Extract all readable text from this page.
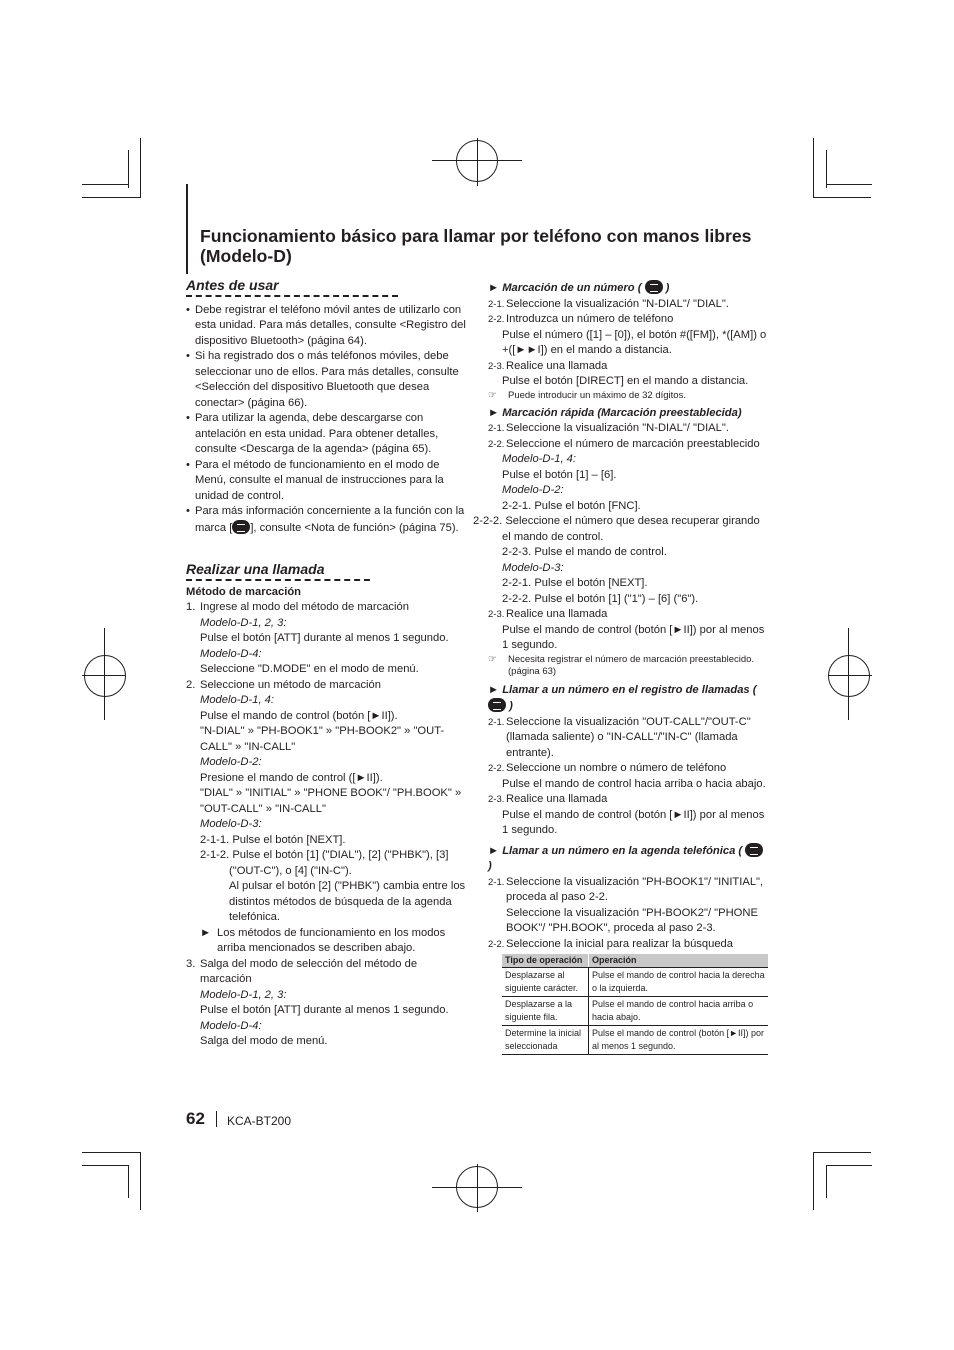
Funcionamiento básico para llamar por teléfono con manos libres (Modelo-D)
Antes de usar
• Debe registrar el teléfono móvil antes de utilizarlo con esta unidad. Para más detalles, consulte <Registro del dispositivo Bluetooth> (página 64).
• Si ha registrado dos o más teléfonos móviles, debe seleccionar uno de ellos. Para más detalles, consulte <Selección del dispositivo Bluetooth que desea conectar> (página 66).
• Para utilizar la agenda, debe descargarse con antelación en esta unidad. Para obtener detalles, consulte <Descarga de la agenda> (página 65).
• Para el método de funcionamiento en el modo de Menú, consulte el manual de instrucciones para la unidad de control.
• Para más información concerniente a la función con la marca [ ], consulte <Nota de función> (página 75).
Realizar una llamada
Método de marcación
1. Ingrese al modo del método de marcación
Modelo-D-1, 2, 3:
Pulse el botón [ATT] durante al menos 1 segundo.
Modelo-D-4:
Seleccione "D.MODE" en el modo de menú.
2. Seleccione un método de marcación
Modelo-D-1, 4:
Pulse el mando de control (botón [►II]).
"N-DIAL" » "PH-BOOK1" » "PH-BOOK2" » "OUT-CALL" » "IN-CALL"
Modelo-D-2:
Presione el mando de control ([►II]).
"DIAL" » "INITIAL" » "PHONE BOOK"/ "PH.BOOK" » "OUT-CALL" » "IN-CALL"
Modelo-D-3:
2-1-1. Pulse el botón [NEXT].
2-1-2. Pulse el botón [1] ("DIAL"), [2] ("PHBK"), [3] ("OUT-C"), o [4] ("IN-C").
Al pulsar el botón [2] ("PHBK") cambia entre los distintos métodos de búsqueda de la agenda telefónica.
► Los métodos de funcionamiento en los modos arriba mencionados se describen abajo.
3. Salga del modo de selección del método de marcación
Modelo-D-1, 2, 3:
Pulse el botón [ATT] durante al menos 1 segundo.
Modelo-D-4:
Salga del modo de menú.
► Marcación de un número ( )
2-1. Seleccione la visualización "N-DIAL"/ "DIAL".
2-2. Introduzca un número de teléfono
Pulse el número ([1] – [0]), el botón #([FM]), *([AM]) o +([►►I]) en el mando a distancia.
2-3. Realice una llamada
Pulse el botón [DIRECT] en el mando a distancia.
☞ Puede introducir un máximo de 32 dígitos.
► Marcación rápida (Marcación preestablecida)
2-1. Seleccione la visualización "N-DIAL"/ "DIAL".
2-2. Seleccione el número de marcación preestablecido
Modelo-D-1, 4:
Pulse el botón [1] – [6].
Modelo-D-2:
2-2-1. Pulse el botón [FNC].
2-2-2. Seleccione el número que desea recuperar girando el mando de control.
2-2-3. Pulse el mando de control.
Modelo-D-3:
2-2-1. Pulse el botón [NEXT].
2-2-2. Pulse el botón [1] ("1") – [6] ("6").
2-3. Realice una llamada
Pulse el mando de control (botón [►II]) por al menos 1 segundo.
☞ Necesita registrar el número de marcación preestablecido. (página 63)
► Llamar a un número en el registro de llamadas (  )
2-1. Seleccione la visualización "OUT-CALL"/"OUT-C" (llamada saliente) o "IN-CALL"/"IN-C" (llamada entrante).
2-2. Seleccione un nombre o número de teléfono
Pulse el mando de control hacia arriba o hacia abajo.
2-3. Realice una llamada
Pulse el mando de control (botón [►II]) por al menos 1 segundo.
► Llamar a un número en la agenda telefónica (  )
2-1. Seleccione la visualización "PH-BOOK1"/ "INITIAL", proceda al paso 2-2.
Seleccione la visualización "PH-BOOK2"/ "PHONE BOOK"/ "PH.BOOK", proceda al paso 2-3.
2-2. Seleccione la inicial para realizar la búsqueda
Tipo de operación	Operación
Desplazarse al siguiente carácter.	Pulse el mando de control hacia la derecha o la izquierda.
Desplazarse a la siguiente fila.	Pulse el mando de control hacia arriba o hacia abajo.
Determine la inicial seleccionada	Pulse el mando de control (botón [►II]) por al menos 1 segundo.
62 KCA-BT200
